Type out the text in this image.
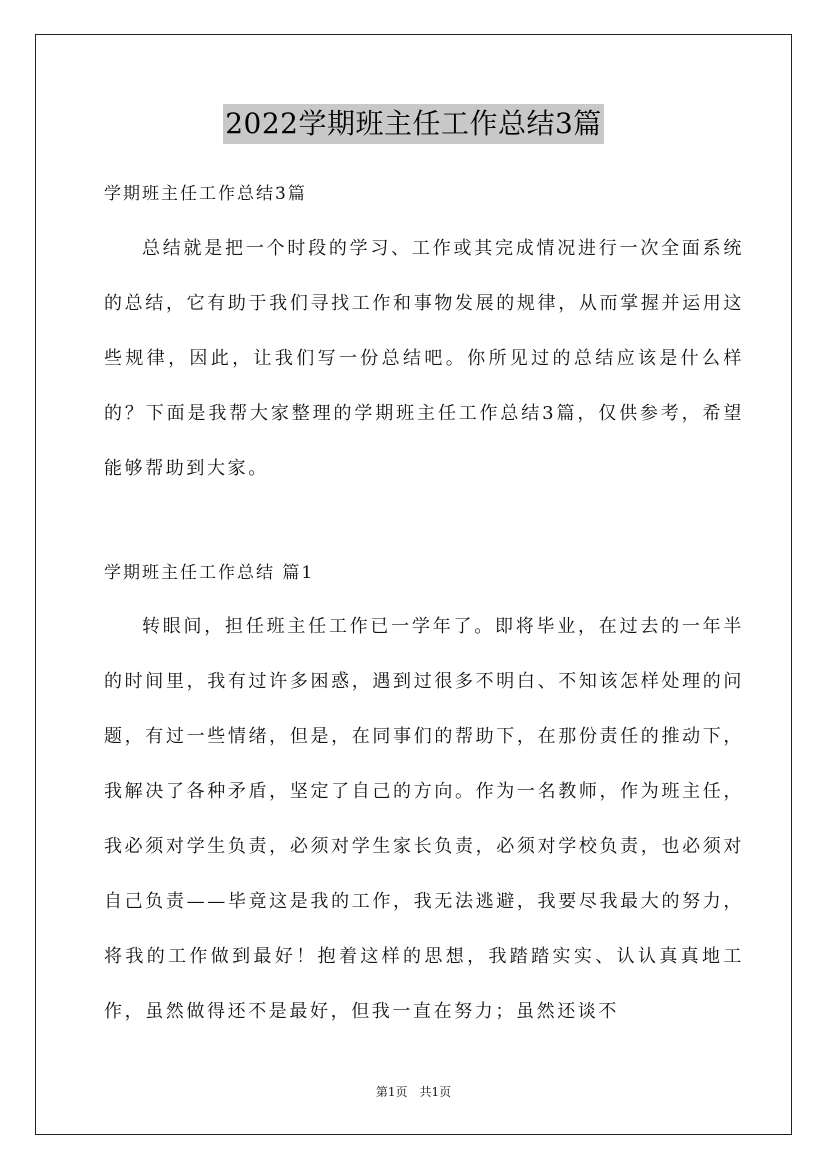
2022学期班主任工作总结3篇
学期班主任工作总结3篇
总结就是把一个时段的学习、工作或其完成情况进行一次全面系统的总结，它有助于我们寻找工作和事物发展的规律，从而掌握并运用这些规律，因此，让我们写一份总结吧。你所见过的总结应该是什么样的？下面是我帮大家整理的学期班主任工作总结3篇，仅供参考，希望能够帮助到大家。
学期班主任工作总结 篇1
转眼间，担任班主任工作已一学年了。即将毕业，在过去的一年半的时间里，我有过许多困惑，遇到过很多不明白、不知该怎样处理的问题，有过一些情绪，但是，在同事们的帮助下，在那份责任的推动下，我解决了各种矛盾，坚定了自己的方向。作为一名教师，作为班主任，我必须对学生负责，必须对学生家长负责，必须对学校负责，也必须对自己负责——毕竟这是我的工作，我无法逃避，我要尽我最大的努力，将我的工作做到最好！抱着这样的思想，我踏踏实实、认认真真地工作，虽然做得还不是最好，但我一直在努力；虽然还谈不
第1页　共1页
